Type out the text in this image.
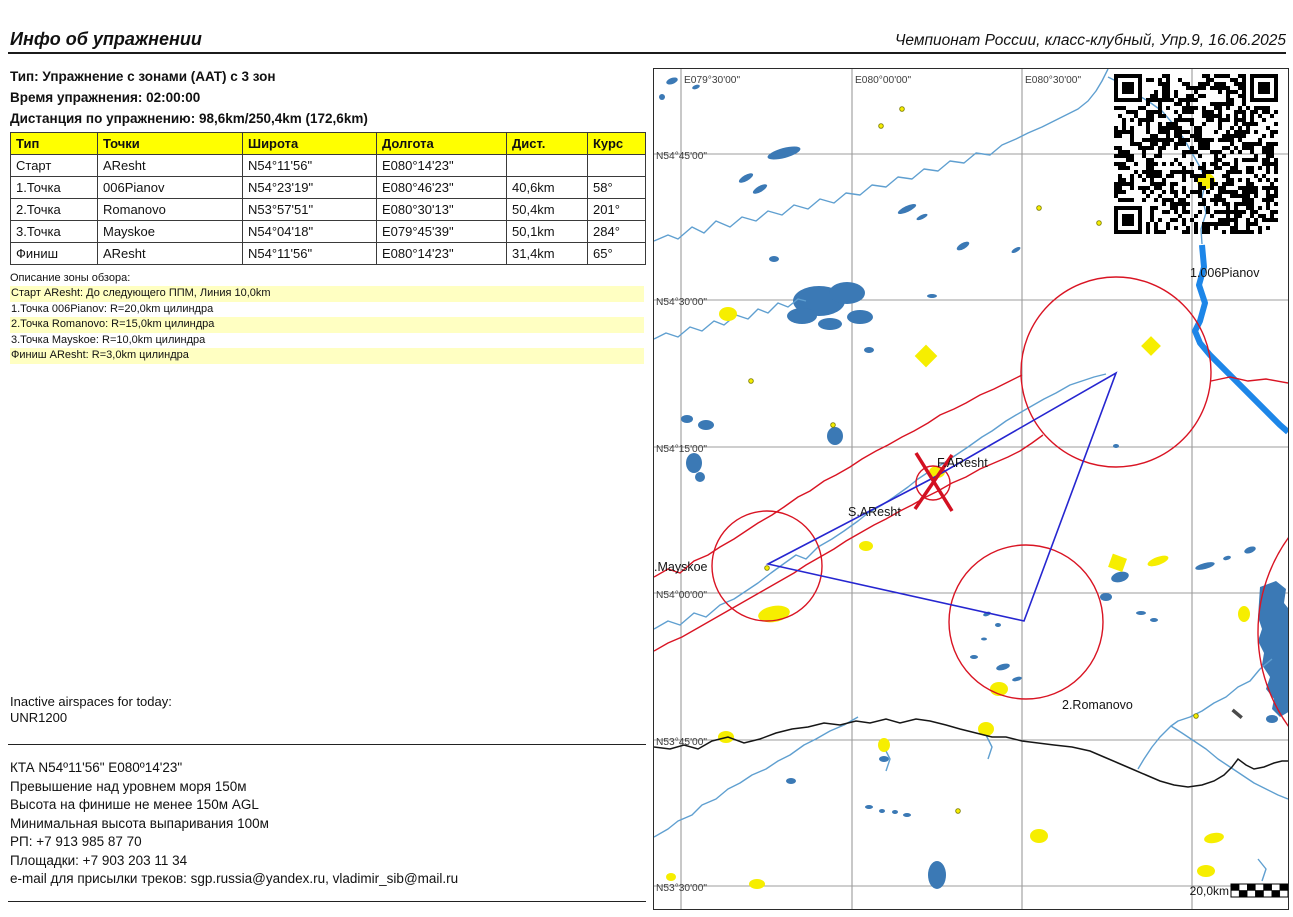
Инфо об упражнении	Чемпионат России, класс-клубный, Упр.9, 16.06.2025
Тип: Упражнение с зонами (AAT) с 3 зон
Время упражнения: 02:00:00
Дистанция по упражнению: 98,6km/250,4km (172,6km)
Тип	Точки	Широта	Долгота	Дист.	Курс
Старт	AResht	N54°11'56"	E080°14'23"		
1.Точка	006Pianov	N54°23'19"	E080°46'23"	40,6km	58°
2.Точка	Romanovo	N53°57'51"	E080°30'13"	50,4km	201°
3.Точка	Mayskoe	N54°04'18"	E079°45'39"	50,1km	284°
Финиш	AResht	N54°11'56"	E080°14'23"	31,4km	65°
Описание зоны обзора:
Старт AResht: До следующего ППМ, Линия 10,0km
1.Точка 006Pianov: R=20,0km цилиндра
2.Точка Romanovo: R=15,0km цилиндра
3.Точка Mayskoe: R=10,0km цилиндра
Финиш AResht: R=3,0km цилиндра
Inactive airspaces for today:
UNR1200
КТА N54º11'56" E080º14'23"
Превышение над уровнем моря 150м
Высота на финише не менее 150м AGL
Минимальная высота выпаривания 100м
РП: +7 913 985 87 70
Площадки: +7 903 203 11 34
e-mail для присылки треков: sgp.russia@yandex.ru, vladimir_sib@mail.ru
E079°30'00"	E080°00'00"	E080°30'00"
N54°45'00"
N54°30'00"
N54°15'00"
N54°00'00"
N53°45'00"
N53°30'00"
1.006Pianov
F.AResht
S.AResht
.Mayskoe
2.Romanovo
20,0km
